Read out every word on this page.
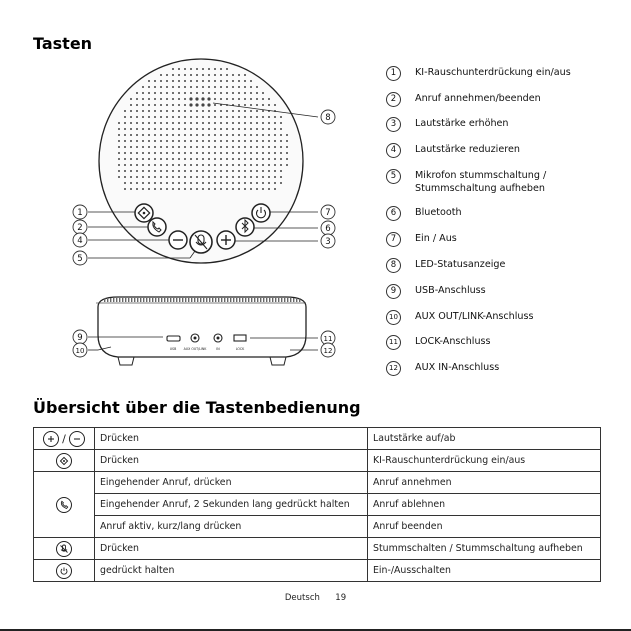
Tasten
USB AUX OUT/LINK	IN	LOCK
8
1
2
4
5
7
6
3
9
10
11
12
1	KI-Rauschunterdrückung ein/aus
2	Anruf annehmen/beenden
3	Lautstärke erhöhen
4	Lautstärke reduzieren
5	Mikrofon stummschaltung /
Stummschaltung aufheben
6	Bluetooth
7	Ein / Aus
8	LED-Statusanzeige
9	USB-Anschluss
10	AUX OUT/LINK-Anschluss
11	LOCK-Anschluss
12	AUX IN-Anschluss
Übersicht über die Tastenbedienung
/	Drücken	Lautstärke auf/ab

	Drücken	KI-Rauschunterdrückung ein/aus

	Eingehender Anruf, drücken	Anruf annehmen
	Eingehender Anruf, 2 Sekunden lang gedrückt halten	Anruf ablehnen
	Anruf aktiv, kurz/lang drücken	Anruf beenden

	Drücken	Stummschalten / Stummschaltung aufheben

	gedrückt halten	Ein-/Ausschalten
Deutsch 19
